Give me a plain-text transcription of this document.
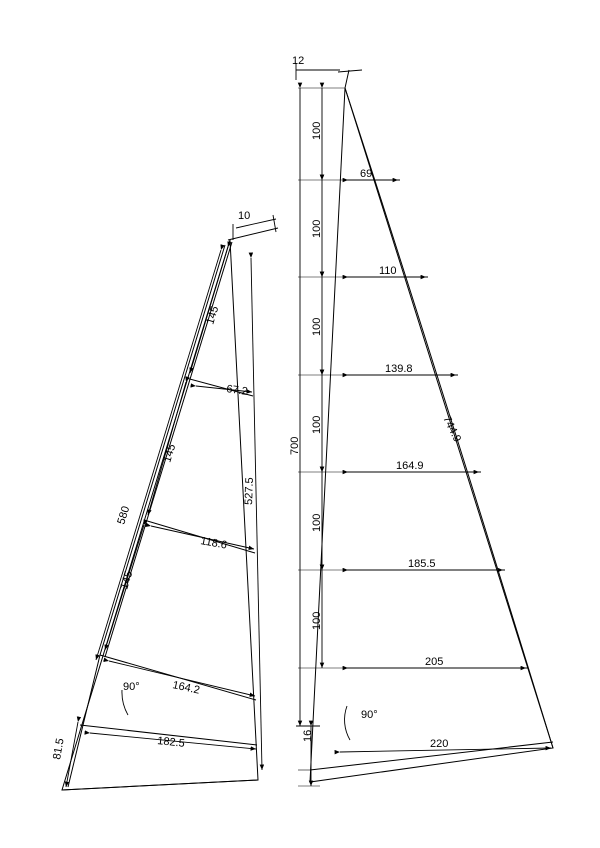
10
145
145
145
580
527.5
67.2
118.6
164.2
182.5
90°
81.5
12
100
100
100
100
100
100
16
700
69
110
139.8
164.9
185.5
205
220
744.9
90°
